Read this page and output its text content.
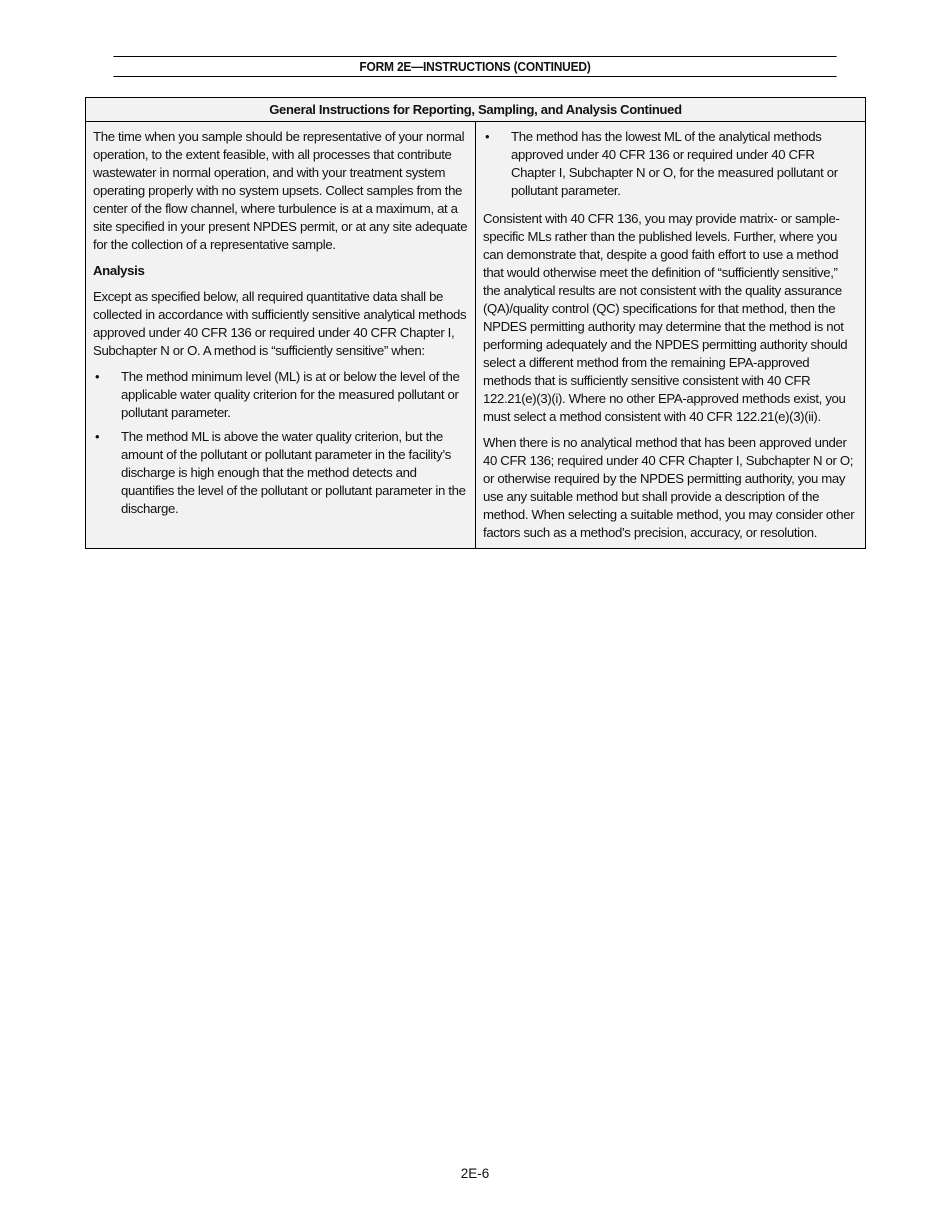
FORM 2E—INSTRUCTIONS (CONTINUED)
General Instructions for Reporting, Sampling, and Analysis Continued

The time when you sample should be representative of your normal operation, to the extent feasible, with all processes that contribute wastewater in normal operation, and with your treatment system operating properly with no system upsets. Collect samples from the center of the flow channel, where turbulence is at a maximum, at a site specified in your present NPDES permit, or at any site adequate for the collection of a representative sample.

Analysis

Except as specified below, all required quantitative data shall be collected in accordance with sufficiently sensitive analytical methods approved under 40 CFR 136 or required under 40 CFR Chapter I, Subchapter N or O. A method is “sufficiently sensitive” when:

• The method minimum level (ML) is at or below the level of the applicable water quality criterion for the measured pollutant or pollutant parameter.
• The method ML is above the water quality criterion, but the amount of the pollutant or pollutant parameter in the facility’s discharge is high enough that the method detects and quantifies the level of the pollutant or pollutant parameter in the discharge.
• The method has the lowest ML of the analytical methods approved under 40 CFR 136 or required under 40 CFR Chapter I, Subchapter N or O, for the measured pollutant or pollutant parameter.

Consistent with 40 CFR 136, you may provide matrix- or sample-specific MLs rather than the published levels. Further, where you can demonstrate that, despite a good faith effort to use a method that would otherwise meet the definition of “sufficiently sensitive,” the analytical results are not consistent with the quality assurance (QA)/quality control (QC) specifications for that method, then the NPDES permitting authority may determine that the method is not performing adequately and the NPDES permitting authority should select a different method from the remaining EPA-approved methods that is sufficiently sensitive consistent with 40 CFR 122.21(e)(3)(i). Where no other EPA-approved methods exist, you must select a method consistent with 40 CFR 122.21(e)(3)(ii).

When there is no analytical method that has been approved under 40 CFR 136; required under 40 CFR Chapter I, Subchapter N or O; or otherwise required by the NPDES permitting authority, you may use any suitable method but shall provide a description of the method. When selecting a suitable method, you may consider other factors such as a method’s precision, accuracy, or resolution.

2E-6
